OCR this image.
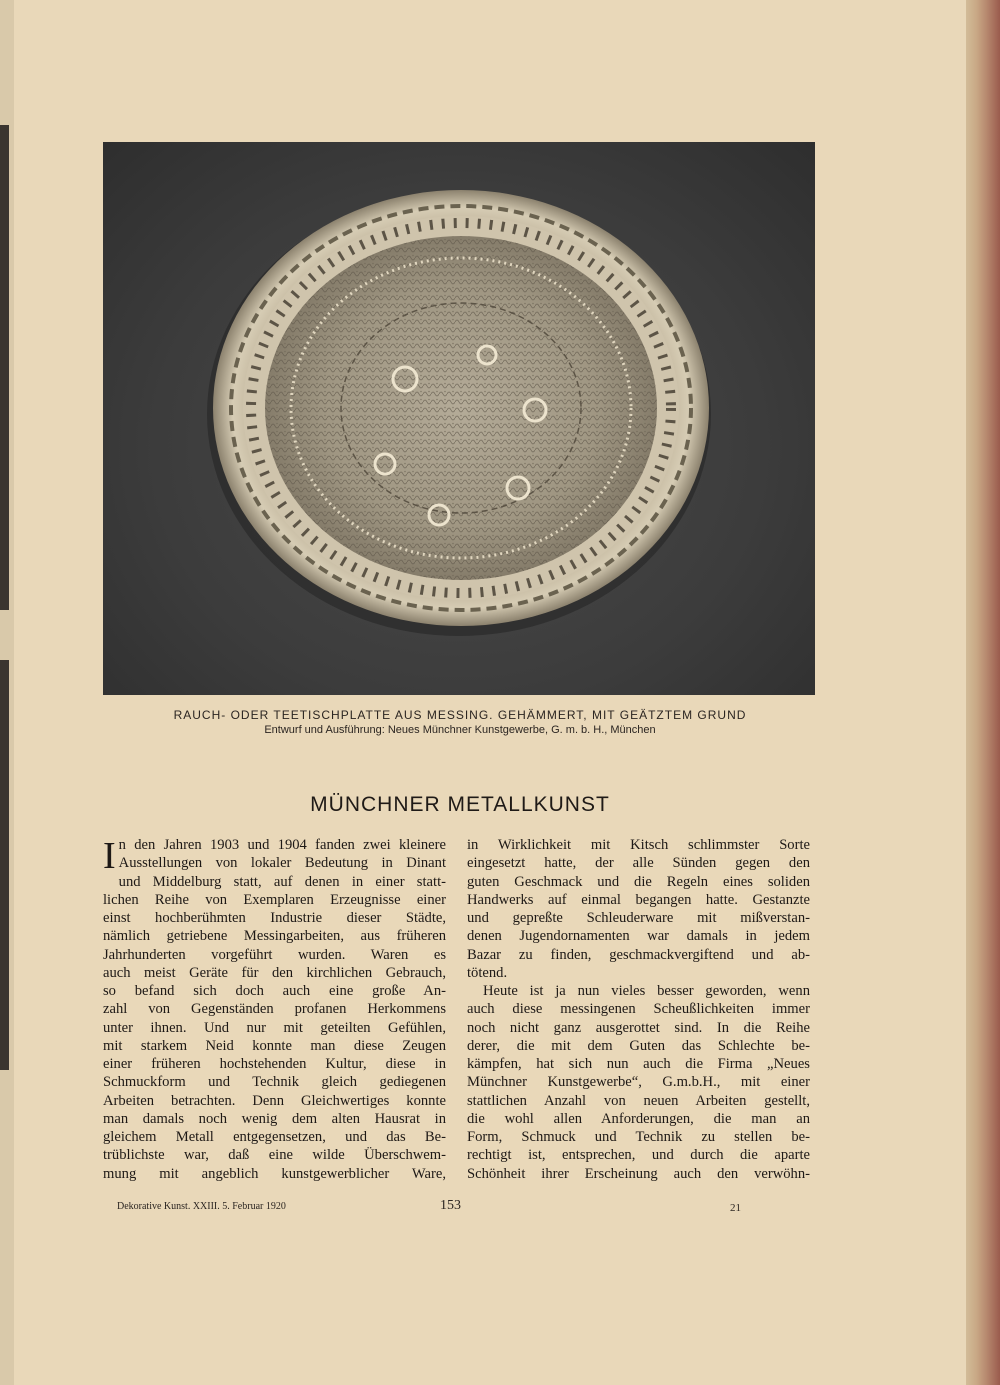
RAUCH- ODER TEETISCHPLATTE AUS MESSING. GEHÄMMERT, MIT GEÄTZTEM GRUND
Entwurf und Ausführung: Neues Münchner Kunstgewerbe, G. m. b. H., München
MÜNCHNER METALLKUNST
I n den Jahren 1903 und 1904 fanden zwei kleinere
Ausstellungen von lokaler Bedeutung in Dinant
und Middelburg statt, auf denen in einer statt-
lichen Reihe von Exemplaren Erzeugnisse einer
einst hochberühmten Industrie dieser Städte,
nämlich getriebene Messingarbeiten, aus früheren
Jahrhunderten vorgeführt wurden. Waren es
auch meist Geräte für den kirchlichen Gebrauch,
so befand sich doch auch eine große An-
zahl von Gegenständen profanen Herkommens
unter ihnen. Und nur mit geteilten Gefühlen,
mit starkem Neid konnte man diese Zeugen
einer früheren hochstehenden Kultur, diese in
Schmuckform und Technik gleich gediegenen
Arbeiten betrachten. Denn Gleichwertiges konnte
man damals noch wenig dem alten Hausrat in
gleichem Metall entgegensetzen, und das Be-
trüblichste war, daß eine wilde Überschwem-
mung mit angeblich kunstgewerblicher Ware,
in Wirklichkeit mit Kitsch schlimmster Sorte
eingesetzt hatte, der alle Sünden gegen den
guten Geschmack und die Regeln eines soliden
Handwerks auf einmal begangen hatte. Gestanzte
und gepreßte Schleuderware mit mißverstan-
denen Jugendornamenten war damals in jedem
Bazar zu finden, geschmackvergiftend und ab-
tötend.
Heute ist ja nun vieles besser geworden, wenn
auch diese messingenen Scheußlichkeiten immer
noch nicht ganz ausgerottet sind. In die Reihe
derer, die mit dem Guten das Schlechte be-
kämpfen, hat sich nun auch die Firma „Neues
Münchner Kunstgewerbe“, G.m.b.H., mit einer
stattlichen Anzahl von neuen Arbeiten gestellt,
die wohl allen Anforderungen, die man an
Form, Schmuck und Technik zu stellen be-
rechtigt ist, entsprechen, und durch die aparte
Schönheit ihrer Erscheinung auch den verwöhn-
Dekorative Kunst. XXIII. 5. Februar 1920	153	21
